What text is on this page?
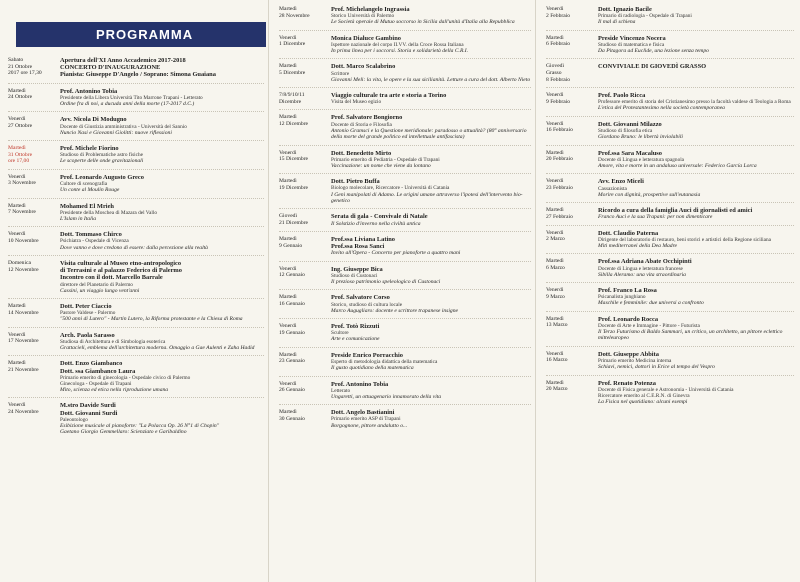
PROGRAMMA
Sabato
21 Ottobre
2017 ore 17,30
Apertura dell'XI Anno Accademico 2017-2018
CONCERTO D'INAUGURAZIONE
Pianista: Giuseppe D'Angelo / Soprano: Simona Guaiana
Martedì
24 Ottobre
Prof. Antonino Tobia
Presidente della Libera Università Tito Marrone Trapani - Letterato
Ordine fra di noi, a ducuda anni della morte (17-2017 d.C.)
Venerdì
27 Ottobre
Avv. Nicola Di Modugno
Docente di Giustizia amministrativa - Università del Sannio
Nuncio Nasi e Giovanni Giolitti: nuove riflessioni
Martedì
31 Ottobre
ore 17,00
Prof. Michele Fiorino
Studioso di Problematiche astro fisiche
Le scoperte delle onde gravitazionali
Venerdì
3 Novembre
Prof. Leonardo Augusto Greco
Cultore di scenografia
Un conte al Moulin Rouge
Martedì
7 Novembre
Mohamed El Mrieh
Presidente della Moschea di Mazara del Vallo
L'Islam in Italia
Venerdì
10 Novembre
Dott. Tommaso Chirco
Psichiatra - Ospedale di Vicenza
Dove vanno e dove credono di essere: dalla percezione alla realtà
Domenica
12 Novembre
Visita culturale al Museo etno-antropologico
di Terrasini e al palazzo Federico di Palermo
Incontro con il dott. Marcello Barrale
direttore del Planetario di Palermo
Cassini, un viaggio lungo vent'anni
Martedì
14 Novembre
Dott. Peter Ciaccio
Pastore Valdese - Palermo
"500 anni di Lutero" - Martin Lutero, la Riforma protestante e la Chiesa di Roma
Venerdì
17 Novembre
Arch. Paola Sarasso
Studiosa di Architettura e di Simbologia esoterica
Grattacieli, emblema dell'architettura moderna. Omaggio a Gae Aulenti e Zaha Hadid
Martedì
21 Novembre
Dott. Enzo Giambanco
Dott. ssa Giambanco Laura
Primario emerito di ginecologia - Ospedale civico di Palermo
Ginecologa - Ospedale di Trapani
Mito, scienza ed etica nella riproduzione umana
Venerdì
24 Novembre
M.stro Davide Surdi
Dott. Giovanni Surdi
Paleontologo
Esibizione musicale al pianoforte: "La Polacca Op. 26 N°1 di Chopin"
Gaetano Giorgio Gemmellaro: Scienziato e Garibaldino
Martedì
28 Novembre
Prof. Michelangelo Ingrassia
Storico Università di Palermo
Le Società operaie di Mutuo soccorso in Sicilia dall'unità d'Italia alla Repubblica
Venerdì
1 Dicembre
Monica Dialuce Gambino
Ispettore nazionale del corpo II.VV. della Croce Rossa Italiana
In prima linea per i soccorsi. Storia e solidarietà della C.R.I.
Martedì
5 Dicembre
Dott. Marco Scalabrino
Scrittore
Giovanni Meli: la vita, le opere e la sua sicilianità. Letture a cura del dott. Alberto Nieto
7/8/9/10/11
Dicembre
Viaggio culturale tra arte e storia a Torino
Visita del Museo egizio
Martedì
12 Dicembre
Prof. Salvatore Bongiorno
Docente di Storia e Filosofia
Antonio Gramsci e la Questione meridionale: paradosso o attualità? (80° anniversario della morte del grande politico ed intellettuale antifascista)
Venerdì
15 Dicembre
Dott. Benedetto Mirto
Primario emerito di Pediatria - Ospedale di Trapani
Vaccinazione: un nome che viene da lontano
Martedì
19 Dicembre
Dott. Pietro Buffa
Biologo molecolare, Ricercatore - Università di Catania
I Geni manipolati di Adamo. Le origini umane attraverso l'ipotesi dell'intervento bio-genetico
Giovedì
21 Dicembre
Serata di gala - Convivale di Natale
Il Solstizio d'inverno nella civiltà antica
Martedì
9 Gennaio
Prof.ssa Liviana Latino
Prof.ssa Rosa Sanci
Invito all'Opera - Concerto per pianoforte a quattro mani
Venerdì
12 Gennaio
Ing. Giuseppe Bica
Studioso di Custonaci
Il prezioso patrimonio speleologico di Custonaci
Martedì
16 Gennaio
Prof. Salvatore Corso
Storico, studioso di cultura locale
Marco Augugliaro: docente e scrittore trapanese insigne
Venerdì
19 Gennaio
Prof. Totò Rizzuti
Scultore
Arte e comunicazione
Martedì
23 Gennaio
Preside Enrico Porracchio
Esperto di metodologia didattica della matematica
Il gusto quotidiano della matematica
Venerdì
26 Gennaio
Prof. Antonino Tobia
Letterato
Ungaretti, un ottuagenario innamorato della vita
Martedì
30 Gennaio
Dott. Angelo Bastianini
Primario emerito ASP di Trapani
Borgognone, pittore andalutto o...
Venerdì
2 Febbraio
Dott. Ignazio Bacile
Primario di radiologia - Ospedale di Trapani
Il mal di schiena
Martedì
6 Febbraio
Preside Vincenzo Nocera
Studioso di matematica e fisica
Da Pitagora ad Euclide, una lezione senza tempo
Giovedì
Grasso
8 Febbraio
CONVIVIALE DI GIOVEDÌ GRASSO
Venerdì
9 Febbraio
Prof. Paolo Ricca
Professore emerito di storia del Cristianesimo presso la facoltà valdese di Teologia a Roma
L'etica del Protestantesimo nella società contemporanea
Venerdì
16 Febbraio
Dott. Giovanni Milazzo
Studioso di filosofia etica
Giordano Bruno: le libertà inviolabili
Martedì
20 Febbraio
Prof.ssa Sara Macaluso
Docente di Lingua e letteratura spagnola
Amore, vita e morte in un andaluso universale: Federico García Lorca
Venerdì
23 Febbraio
Avv. Enzo Miceli
Cassazionista
Morire con dignità, prospettive sull'eutanasia
Martedì
27 Febbraio
Ricordo a cura della famiglia Auci di giornalisti ed amici
Franco Auci e la sua Trapani: per non dimenticare
Venerdì
2 Marzo
Dott. Claudio Paterna
Dirigente del laboratorio di restauro, beni storici e artistici della Regione siciliana
Miti mediterranei della Dea Madre
Martedì
6 Marzo
Prof.ssa Adriana Abate Occhipinti
Docente di Lingua e letteratura francese
Sibilla Aleramo: una vita straordinaria
Venerdì
9 Marzo
Prof. Franco La Rosa
Psicanalista junghiano
Maschile e femminile: due universi a confronto
Martedì
13 Marzo
Prof. Leonardo Rocca
Docente di Arte e Immagine - Pittore - Futurista
Il Terzo Futurismo di Baldo Sammari, un critico, un architetto, un pittore eclettico mitteleuropeo
Venerdì
16 Marzo
Dott. Giuseppe Abbita
Primario emerito Medicina interna
Schiavi, nemici, dottori in Erice al tempo del Vespro
Martedì
20 Marzo
Prof. Renato Potenza
Docente di Fisica generale e Astronomia - Università di Catania
Ricercatore emerito al C.E.R.N. di Ginevra
La Fisica nel quotidiano: alcuni esempi
